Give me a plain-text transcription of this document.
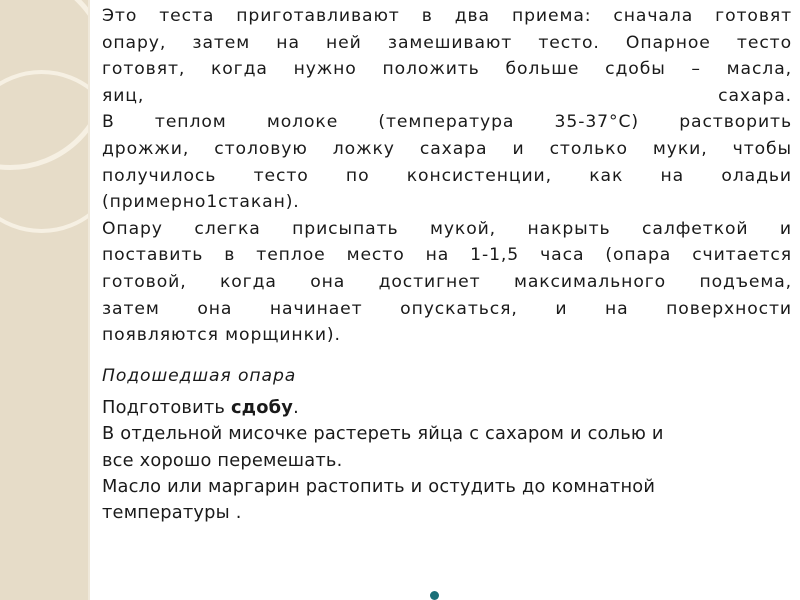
Это теста приготавливают в два приема: сначала готовят

опару, затем на ней замешивают тесто. Опарное тесто

готовят, когда нужно положить больше сдобы – масла,

яиц, сахара.

В теплом молоке (температура 35-37°С) растворить

дрожжи, столовую ложку сахара и столько муки, чтобы

получилось тесто по консистенции, как на оладьи

(примерно1стакан).

Опару слегка присыпать мукой, накрыть салфеткой и

поставить в теплое место на 1-1,5 часа (опара считается

готовой, когда она достигнет максимального подъема,

затем она начинает опускаться, и на поверхности

появляются морщинки).

Подошедшая опара

Подготовить сдобу.

В отдельной мисочке растереть яйца с сахаром и солью и

все хорошо перемешать.

Масло или маргарин растопить и остудить до комнатной

температуры .
